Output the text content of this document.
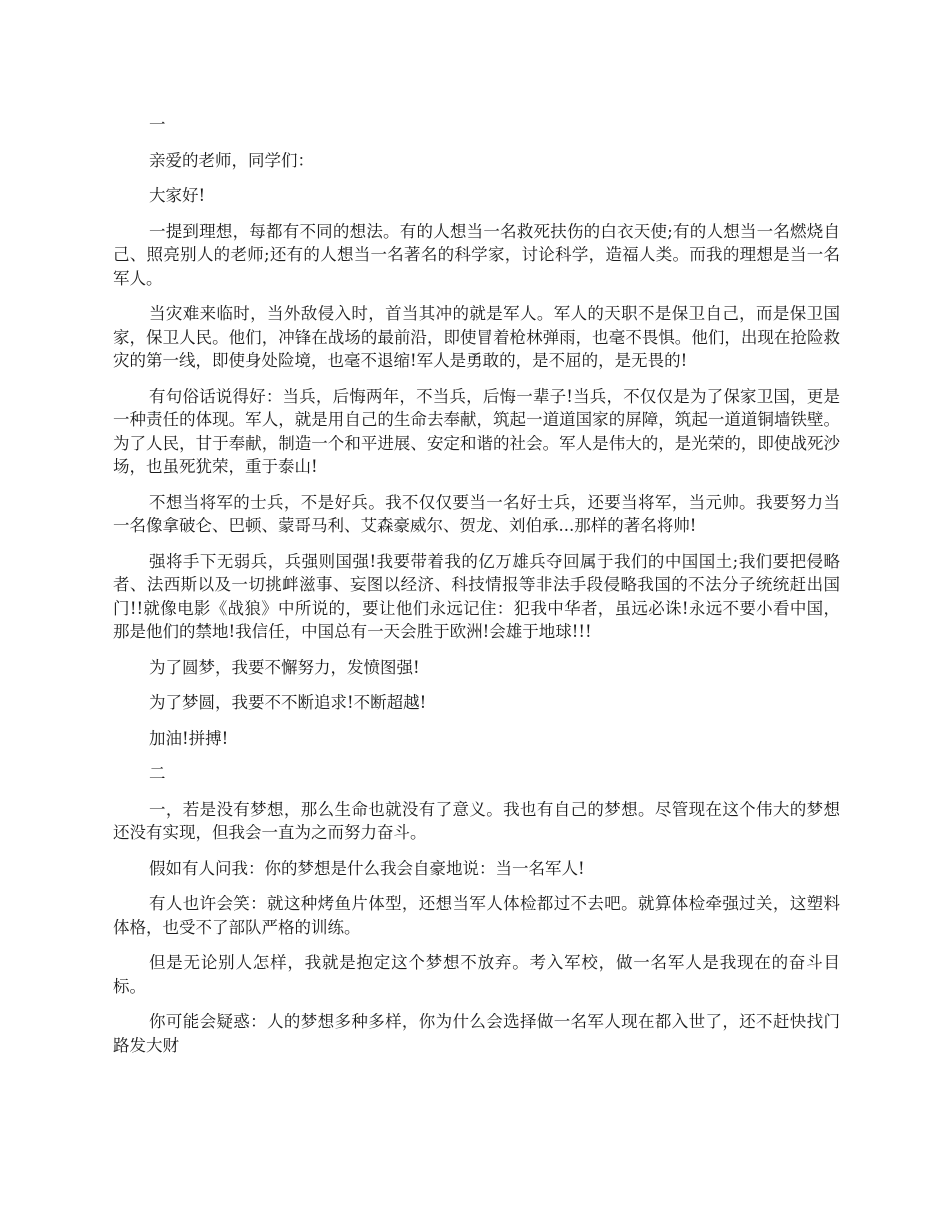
一

亲爱的老师，同学们：

大家好!

一提到理想，每都有不同的想法。有的人想当一名救死扶伤的白衣天使;有的人想当一名燃烧自己、照亮别人的老师;还有的人想当一名著名的科学家，讨论科学，造福人类。而我的理想是当一名军人。

当灾难来临时，当外敌侵入时，首当其冲的就是军人。军人的天职不是保卫自己，而是保卫国家，保卫人民。他们，冲锋在战场的最前沿，即使冒着枪林弹雨，也毫不畏惧。他们，出现在抢险救灾的第一线，即使身处险境，也毫不退缩!军人是勇敢的，是不屈的，是无畏的!

有句俗话说得好：当兵，后悔两年，不当兵，后悔一辈子!当兵，不仅仅是为了保家卫国，更是一种责任的体现。军人，就是用自己的生命去奉献，筑起一道道国家的屏障，筑起一道道铜墙铁壁。为了人民，甘于奉献，制造一个和平进展、安定和谐的社会。军人是伟大的，是光荣的，即使战死沙场，也虽死犹荣，重于泰山!

不想当将军的士兵，不是好兵。我不仅仅要当一名好士兵，还要当将军，当元帅。我要努力当一名像拿破仑、巴顿、蒙哥马利、艾森豪威尔、贺龙、刘伯承...那样的著名将帅!

强将手下无弱兵，兵强则国强!我要带着我的亿万雄兵夺回属于我们的中国国土;我们要把侵略者、法西斯以及一切挑衅滋事、妄图以经济、科技情报等非法手段侵略我国的不法分子统统赶出国门!!就像电影《战狼》中所说的，要让他们永远记住：犯我中华者，虽远必诛!永远不要小看中国，那是他们的禁地!我信任，中国总有一天会胜于欧洲!会雄于地球!!!

为了圆梦，我要不懈努力，发愤图强!

为了梦圆，我要不不断追求!不断超越!

加油!拼搏!

二

一，若是没有梦想，那么生命也就没有了意义。我也有自己的梦想。尽管现在这个伟大的梦想还没有实现，但我会一直为之而努力奋斗。

假如有人问我：你的梦想是什么我会自豪地说：当一名军人!

有人也许会笑：就这种烤鱼片体型，还想当军人体检都过不去吧。就算体检牵强过关，这塑料体格，也受不了部队严格的训练。

但是无论别人怎样，我就是抱定这个梦想不放弃。考入军校，做一名军人是我现在的奋斗目标。

你可能会疑惑：人的梦想多种多样，你为什么会选择做一名军人现在都入世了，还不赶快找门路发大财
